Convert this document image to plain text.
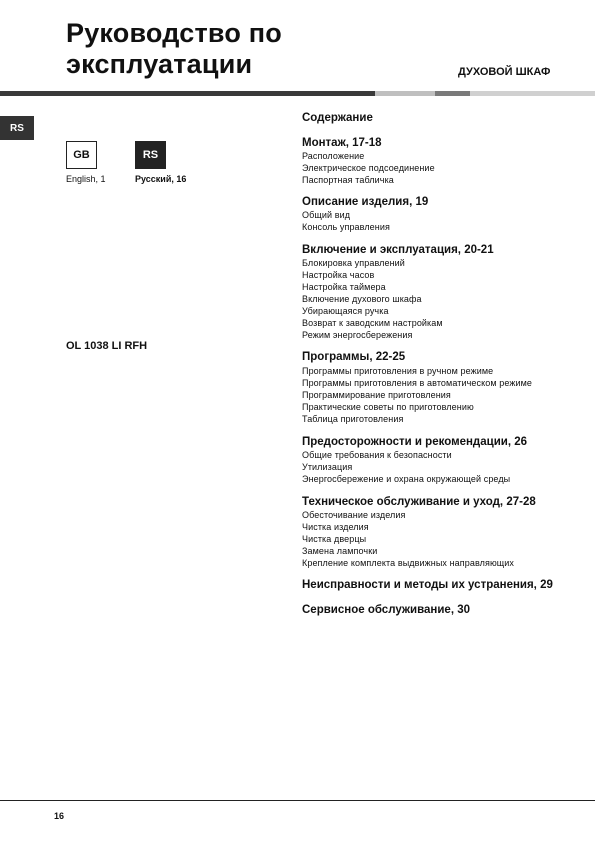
Руководство по
эксплуатации	ДУХОВОЙ ШКАФ
RS
GB	RS
English, 1	Русский, 16
OL 1038 LI RFH
Содержание
Монтаж, 17-18
Расположение
Электрическое подсоединение
Паспортная табличка
Описание изделия, 19
Общий вид
Консоль управления
Включение и эксплуатация, 20-21
Блокировка управлений
Настройка часов
Настройка таймера
Включение духового шкафа
Убирающаяся ручка
Возврат к заводским настройкам
Режим энергосбережения
Программы, 22-25
Программы приготовления в ручном режиме
Программы приготовления в автоматическом режиме
Программирование приготовления
Практические советы по приготовлению
Таблица приготовления
Предосторожности и рекомендации, 26
Общие требования к безопасности
Утилизация
Энергосбережение и охрана окружающей среды
Техническое обслуживание и уход, 27-28
Обесточивание изделия
Чистка изделия
Чистка дверцы
Замена лампочки
Крепление комплекта выдвижных направляющих
Неисправности и методы их устранения, 29
Сервисное обслуживание, 30
16
